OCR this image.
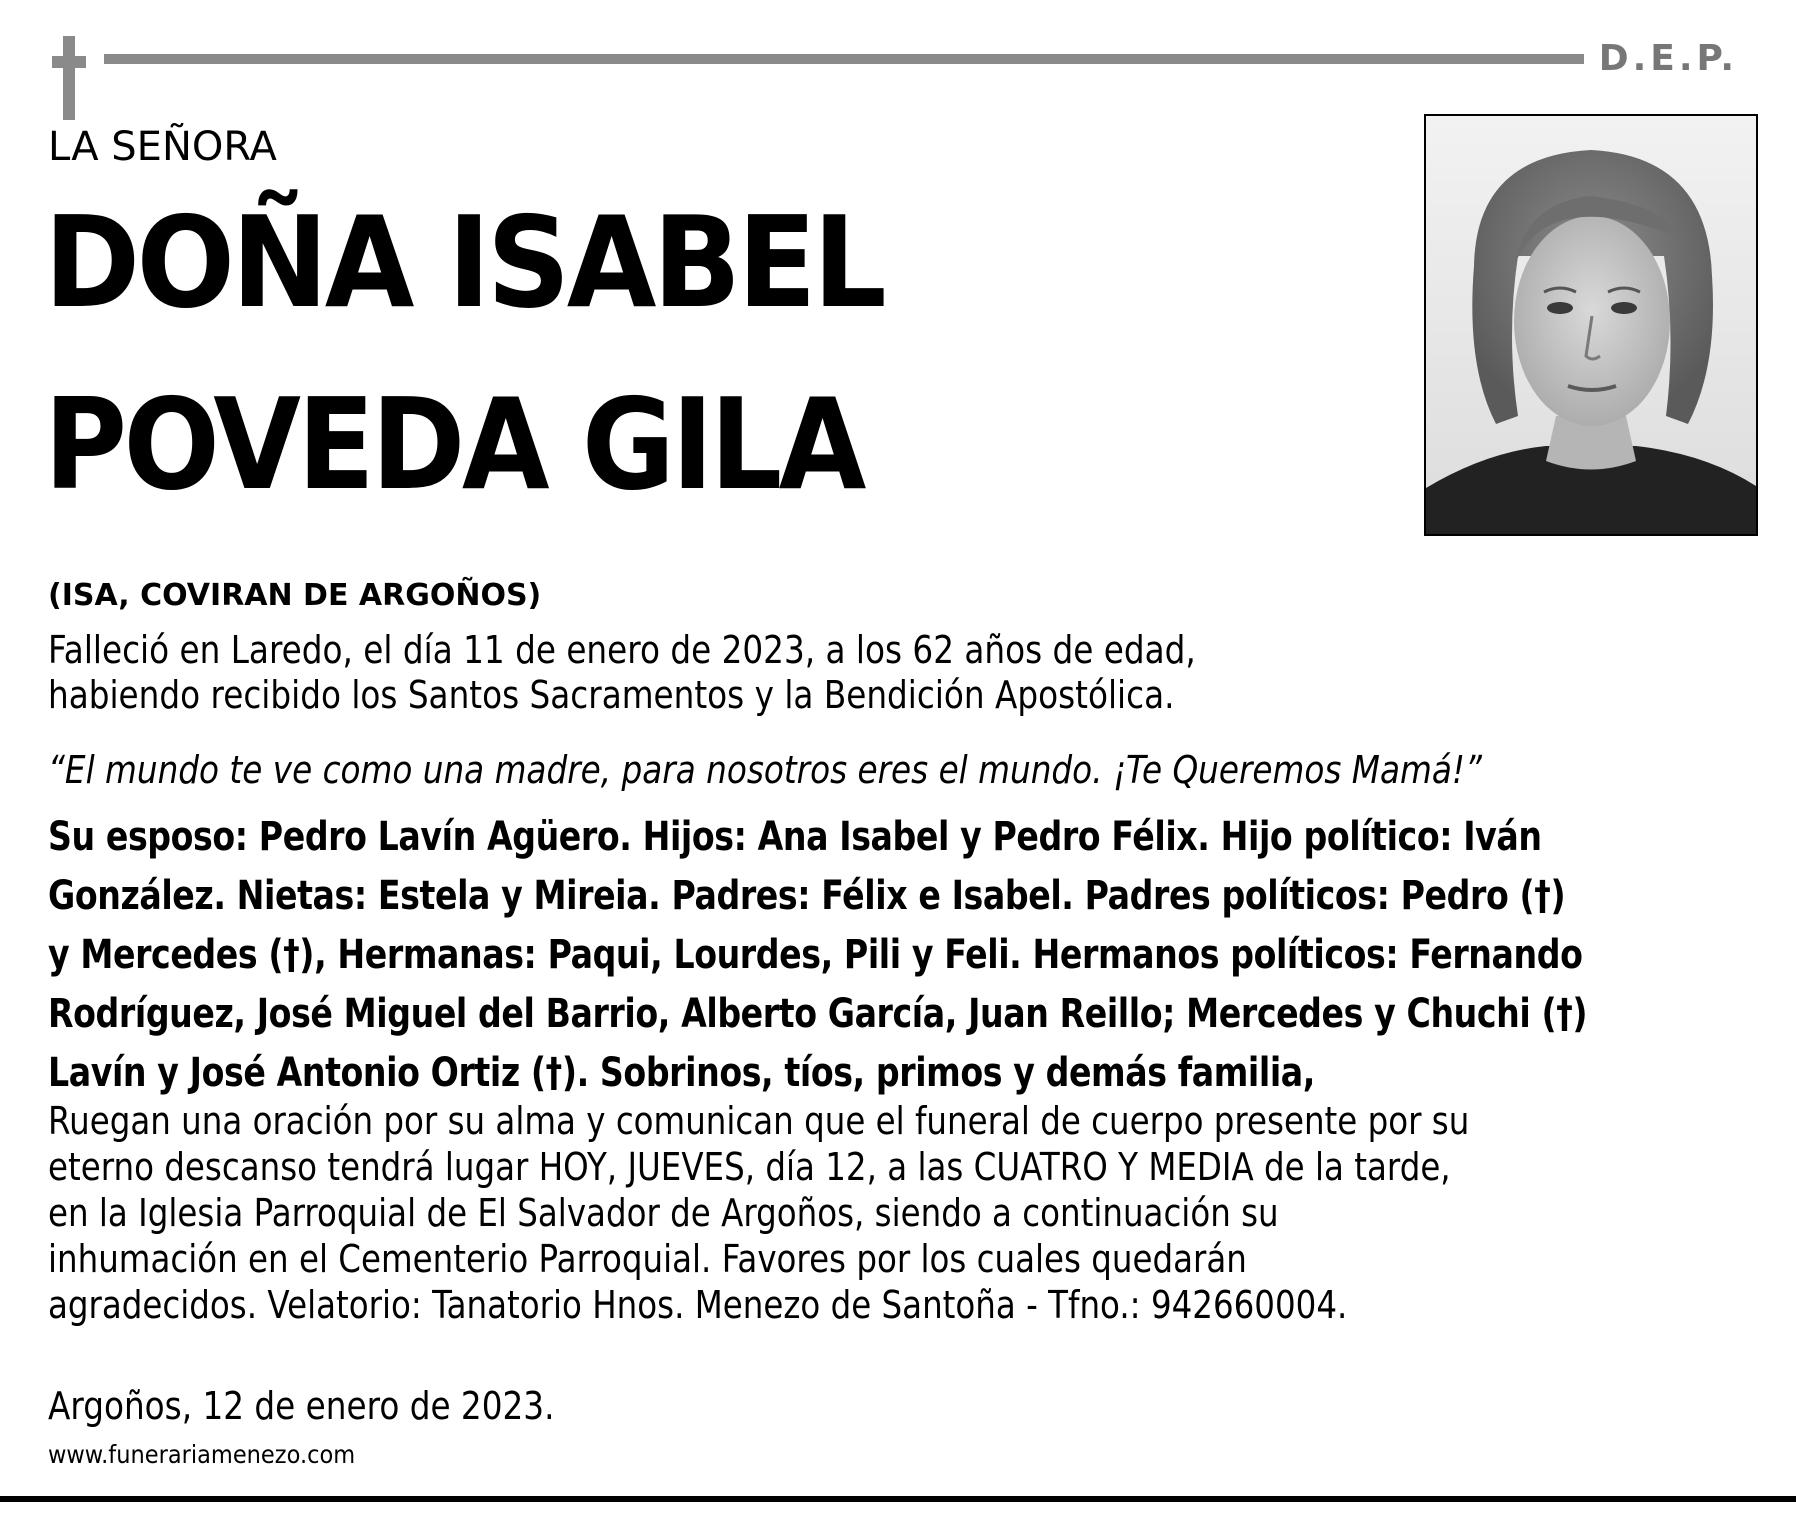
D.E.P.
LA SEÑORA
DOÑA ISABEL
POVEDA GILA
(ISA, COVIRAN DE ARGOÑOS)
Falleció en Laredo, el día 11 de enero de 2023, a los 62 años de edad,
habiendo recibido los Santos Sacramentos y la Bendición Apostólica.
“El mundo te ve como una madre, para nosotros eres el mundo. ¡Te Queremos Mamá!”
Su esposo: Pedro Lavín Agüero. Hijos: Ana Isabel y Pedro Félix. Hijo político: Iván
González. Nietas: Estela y Mireia. Padres: Félix e Isabel. Padres políticos: Pedro (†)
y Mercedes (†), Hermanas: Paqui, Lourdes, Pili y Feli. Hermanos políticos: Fernando
Rodríguez, José Miguel del Barrio, Alberto García, Juan Reillo; Mercedes y Chuchi (†)
Lavín y José Antonio Ortiz (†). Sobrinos, tíos, primos y demás familia,
Ruegan una oración por su alma y comunican que el funeral de cuerpo presente por su
eterno descanso tendrá lugar HOY, JUEVES, día 12, a las CUATRO Y MEDIA de la tarde,
en la Iglesia Parroquial de El Salvador de Argoños, siendo a continuación su
inhumación en el Cementerio Parroquial. Favores por los cuales quedarán
agradecidos. Velatorio: Tanatorio Hnos. Menezo de Santoña - Tfno.: 942660004.
Argoños, 12 de enero de 2023.
www.funerariamenezo.com
